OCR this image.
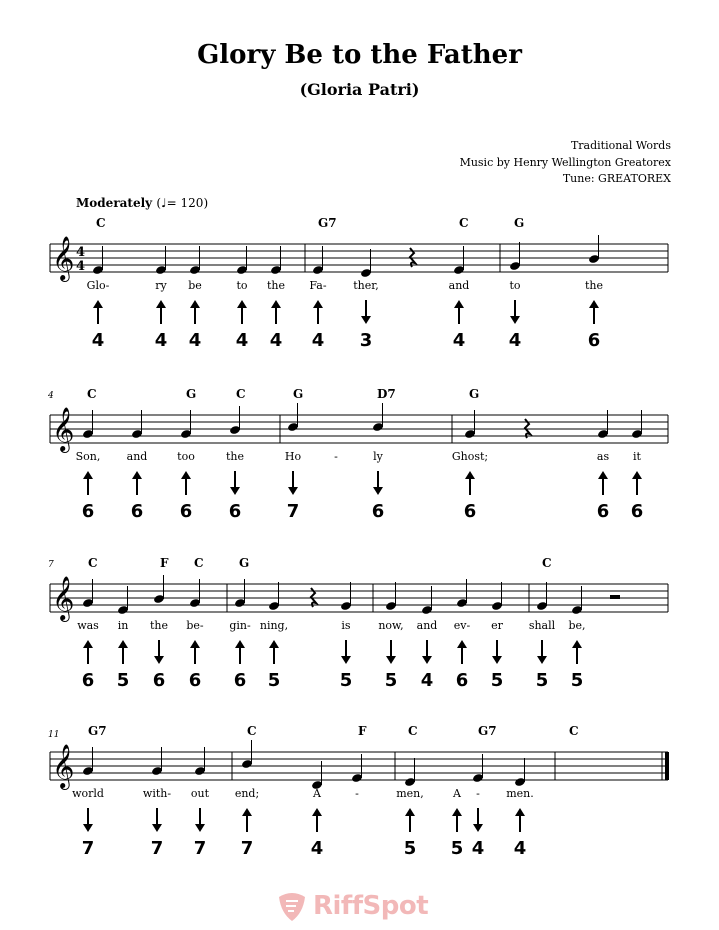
Glory Be to the Father
(Gloria Patri)
Traditional Words
Music by Henry Wellington Greatorex
Tune: GREATOREX
Moderately (♩= 120)
𝄞 4
4
C	G7	C	G
Glo-
4
ry
4
be
4
to
4
the
4
Fa-
4
ther,
3
and
4
to
4
the
6
𝄞
4	C	G	C	G	D7	G
Son,
6
and
6
too
6
the
6
Ho
7
-	ly
6
Ghost;
6
as
6
it
6
𝄞
7	C	F C	G	C
was
6
in
5
the
6
be-
6
gin-
6
ning,
5
is
5
now,
5
and
4
ev-
6
er
5
shall
5
be,
5
𝄞
11 G7	C	F	C	G7	C
world
7
with-
7
out
7
end;
7
A
4
-	men,
5
A
5
-
4
men.
4
RiffSpot
